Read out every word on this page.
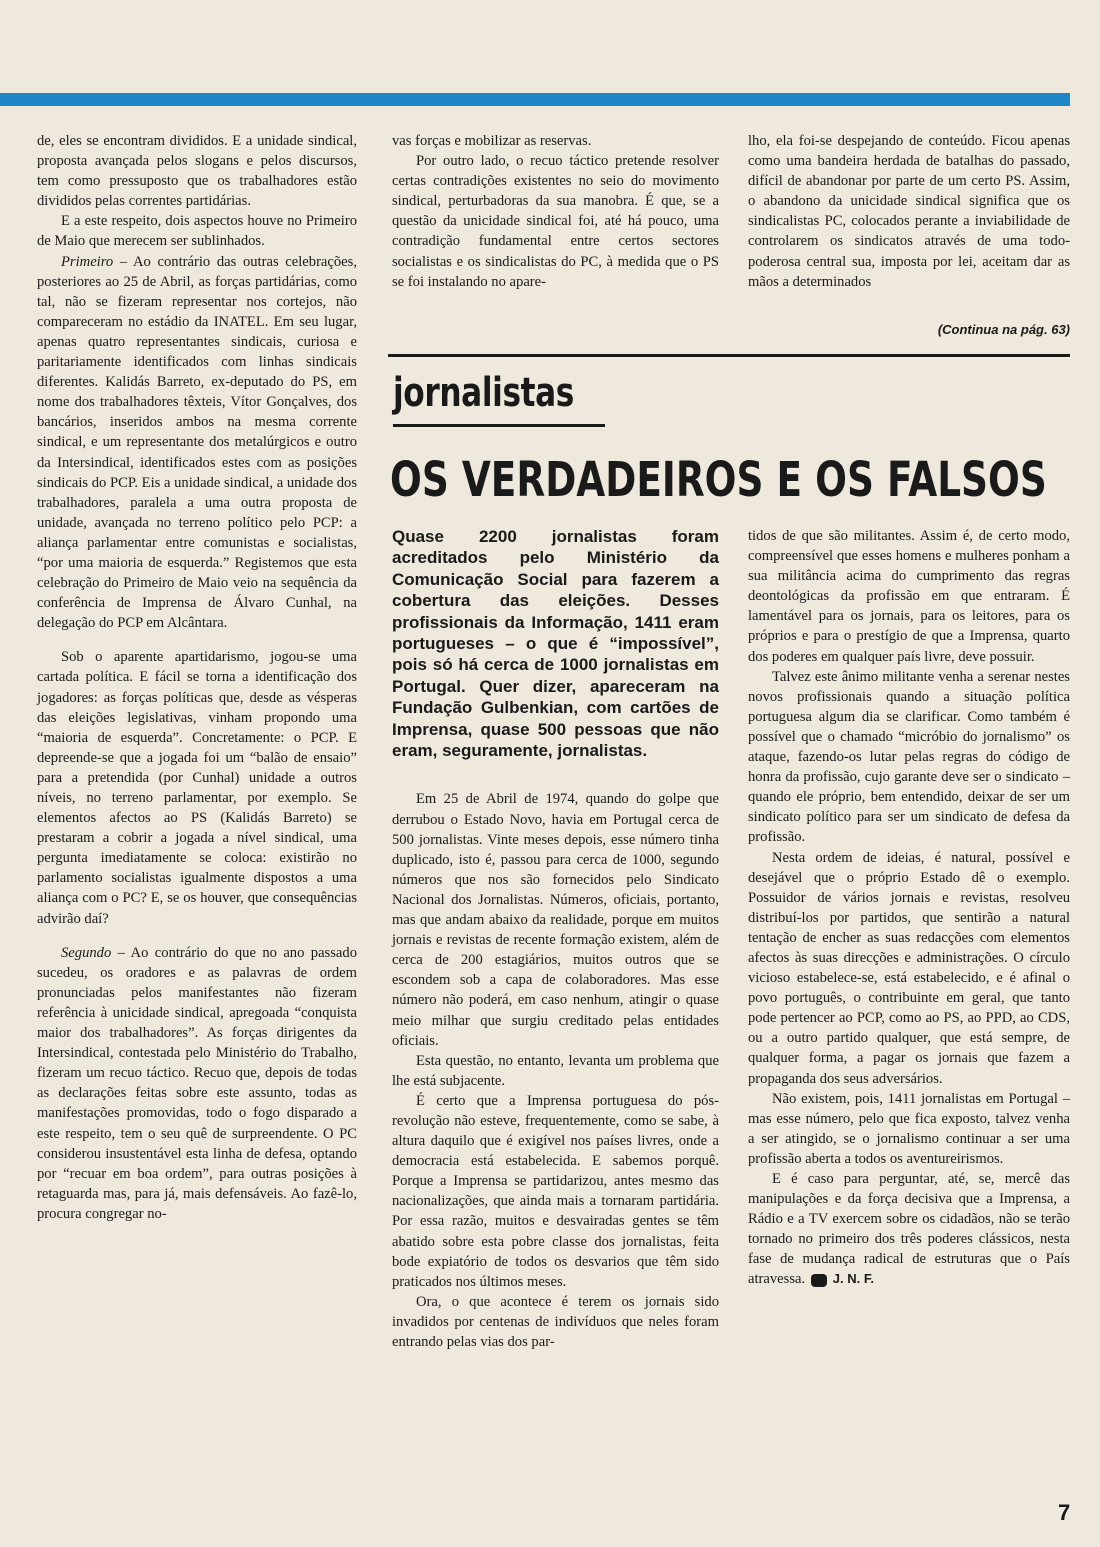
de, eles se encontram divididos. E a unidade sindical, proposta avançada pelos slogans e pelos discursos, tem como pressuposto que os trabalhadores estão divididos pelas correntes partidárias.

E a este respeito, dois aspectos houve no Primeiro de Maio que merecem ser sublinhados.

Primeiro – Ao contrário das outras celebrações, posteriores ao 25 de Abril, as forças partidárias, como tal, não se fizeram representar nos cortejos, não compareceram no estádio da INATEL. Em seu lugar, apenas quatro representantes sindicais, curiosa e paritariamente identificados com linhas sindicais diferentes. Kalidás Barreto, ex-deputado do PS, em nome dos trabalhadores têxteis, Vítor Gonçalves, dos bancários, inseridos ambos na mesma corrente sindical, e um representante dos metalúrgicos e outro da Intersindical, identificados estes com as posições sindicais do PCP. Eis a unidade sindical, a unidade dos trabalhadores, paralela a uma outra proposta de unidade, avançada no terreno político pelo PCP: a aliança parlamentar entre comunistas e socialistas, “por uma maioria de esquerda.” Registemos que esta celebração do Primeiro de Maio veio na sequência da conferência de Imprensa de Álvaro Cunhal, na delegação do PCP em Alcântara.

Sob o aparente apartidarismo, jogou-se uma cartada política. E fácil se torna a identificação dos jogadores: as forças políticas que, desde as vésperas das eleições legislativas, vinham propondo uma “maioria de esquerda”. Concretamente: o PCP. E depreende-se que a jogada foi um “balão de ensaio” para a pretendida (por Cunhal) unidade a outros níveis, no terreno parlamentar, por exemplo. Se elementos afectos ao PS (Kalidás Barreto) se prestaram a cobrir a jogada a nível sindical, uma pergunta imediatamente se coloca: existirão no parlamento socialistas igualmente dispostos a uma aliança com o PC? E, se os houver, que consequências advirão daí?

Segundo – Ao contrário do que no ano passado sucedeu, os oradores e as palavras de ordem pronunciadas pelos manifestantes não fizeram referência à unicidade sindical, apregoada “conquista maior dos trabalhadores”. As forças dirigentes da Intersindical, contestada pelo Ministério do Trabalho, fizeram um recuo táctico. Recuo que, depois de todas as declarações feitas sobre este assunto, todas as manifestações promovidas, todo o fogo disparado a este respeito, tem o seu quê de surpreendente. O PC considerou insustentável esta linha de defesa, optando por “recuar em boa ordem”, para outras posições à retaguarda mas, para já, mais defensáveis. Ao fazê-lo, procura congregar no-

vas forças e mobilizar as reservas.

Por outro lado, o recuo táctico pretende resolver certas contradições existentes no seio do movimento sindical, perturbadoras da sua manobra. É que, se a questão da unicidade sindical foi, até há pouco, uma contradição fundamental entre certos sectores socialistas e os sindicalistas do PC, à medida que o PS se foi instalando no apare-

lho, ela foi-se despejando de conteúdo. Ficou apenas como uma bandeira herdada de batalhas do passado, difícil de abandonar por parte de um certo PS. Assim, o abandono da unicidade sindical significa que os sindicalistas PC, colocados perante a inviabilidade de controlarem os sindicatos através de uma todo-poderosa central sua, imposta por lei, aceitam dar as mãos a determinados

(Continua na pág. 63)
jornalistas
OS VERDADEIROS E OS FALSOS

Quase 2200 jornalistas foram acreditados pelo Ministério da Comunicação Social para fazerem a cobertura das eleições. Desses profissionais da Informação, 1411 eram portugueses – o que é “impossível”, pois só há cerca de 1000 jornalistas em Portugal. Quer dizer, apareceram na Fundação Gulbenkian, com cartões de Imprensa, quase 500 pessoas que não eram, seguramente, jornalistas.

Em 25 de Abril de 1974, quando do golpe que derrubou o Estado Novo, havia em Portugal cerca de 500 jornalistas. Vinte meses depois, esse número tinha duplicado, isto é, passou para cerca de 1000, segundo números que nos são fornecidos pelo Sindicato Nacional dos Jornalistas. Números, oficiais, portanto, mas que andam abaixo da realidade, porque em muitos jornais e revistas de recente formação existem, além de cerca de 200 estagiários, muitos outros que se escondem sob a capa de colaboradores. Mas esse número não poderá, em caso nenhum, atingir o quase meio milhar que surgiu creditado pelas entidades oficiais.

Esta questão, no entanto, levanta um problema que lhe está subjacente.

É certo que a Imprensa portuguesa do pós-revolução não esteve, frequentemente, como se sabe, à altura daquilo que é exigível nos países livres, onde a democracia está estabelecida. E sabemos porquê. Porque a Imprensa se partidarizou, antes mesmo das nacionalizações, que ainda mais a tornaram partidária. Por essa razão, muitos e desvairadas gentes se têm abatido sobre esta pobre classe dos jornalistas, feita bode expiatório de todos os desvarios que têm sido praticados nos últimos meses.

Ora, o que acontece é terem os jornais sido invadidos por centenas de indivíduos que neles foram entrando pelas vias dos par-

tidos de que são militantes. Assim é, de certo modo, compreensível que esses homens e mulheres ponham a sua militância acima do cumprimento das regras deontológicas da profissão em que entraram. É lamentável para os jornais, para os leitores, para os próprios e para o prestígio de que a Imprensa, quarto dos poderes em qualquer país livre, deve possuir.

Talvez este ânimo militante venha a serenar nestes novos profissionais quando a situação política portuguesa algum dia se clarificar. Como também é possível que o chamado “micróbio do jornalismo” os ataque, fazendo-os lutar pelas regras do código de honra da profissão, cujo garante deve ser o sindicato – quando ele próprio, bem entendido, deixar de ser um sindicato político para ser um sindicato de defesa da profissão.

Nesta ordem de ideias, é natural, possível e desejável que o próprio Estado dê o exemplo. Possuidor de vários jornais e revistas, resolveu distribuí-los por partidos, que sentirão a natural tentação de encher as suas redacções com elementos afectos às suas direcções e administrações. O círculo vicioso estabelece-se, está estabelecido, e é afinal o povo português, o contribuinte em geral, que tanto pode pertencer ao PCP, como ao PS, ao PPD, ao CDS, ou a outro partido qualquer, que está sempre, de qualquer forma, a pagar os jornais que fazem a propaganda dos seus adversários.

Não existem, pois, 1411 jornalistas em Portugal – mas esse número, pelo que fica exposto, talvez venha a ser atingido, se o jornalismo continuar a ser uma profissão aberta a todos os aventureirismos.

E é caso para perguntar, até, se, mercê das manipulações e da força decisiva que a Imprensa, a Rádio e a TV exercem sobre os cidadãos, não se terão tornado no primeiro dos três poderes clássicos, nesta fase de mudança radical de estruturas que o País atravessa. J. N. F.

7
